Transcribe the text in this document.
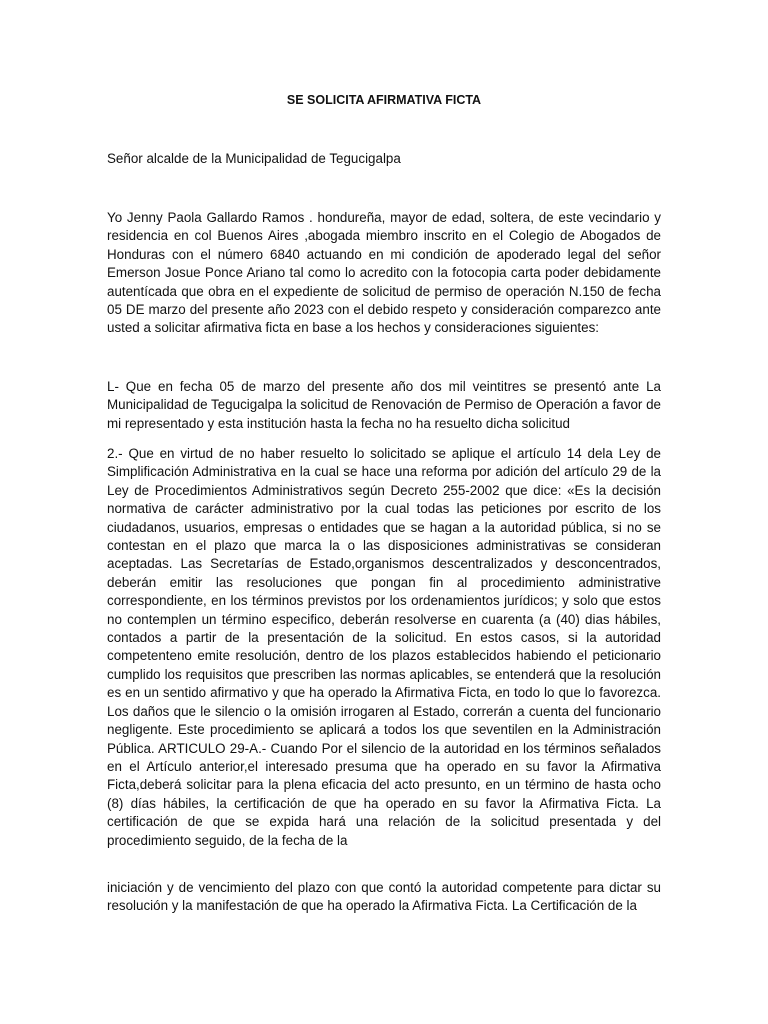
SE SOLICITA AFIRMATIVA FICTA
Señor alcalde de la Municipalidad de Tegucigalpa

Yo Jenny Paola Gallardo Ramos . hondureña, mayor de edad, soltera, de este vecindario y residencia en col Buenos Aires ,abogada miembro inscrito en el Colegio de Abogados de Honduras con el número 6840 actuando en mi condición de apoderado legal del señor Emerson Josue Ponce Ariano tal como lo acredito con la fotocopia carta poder debidamente autentícada que obra en el expediente de solicitud de permiso de operación N.150 de fecha 05 DE marzo del presente año 2023 con el debido respeto y consideración comparezco ante usted a solicitar afirmativa ficta en base a los hechos y consideraciones siguientes:

L- Que en fecha 05 de marzo del presente año dos mil veintitres se presentó ante La Municipalidad de Tegucigalpa la solicitud de Renovación de Permiso de Operación a favor de mi representado y esta institución hasta la fecha no ha resuelto dicha solicitud

2.- Que en virtud de no haber resuelto lo solicitado se aplique el artículo 14 dela Ley de Simplificación Administrativa en la cual se hace una reforma por adición del artículo 29 de la Ley de Procedimientos Administrativos según Decreto 255-2002 que dice: «Es la decisión normativa de carácter administrativo por la cual todas las peticiones por escrito de los ciudadanos, usuarios, empresas o entidades que se hagan a la autoridad pública, si no se contestan en el plazo que marca la o las disposiciones administrativas se consideran aceptadas. Las Secretarías de Estado,organismos descentralizados y desconcentrados, deberán emitir las resoluciones que pongan fin al procedimiento administrative correspondiente, en los términos previstos por los ordenamientos jurídicos; y solo que estos no contemplen un término especifico, deberán resolverse en cuarenta (a (40) dias hábiles, contados a partir de la presentación de la solicitud. En estos casos, si la autoridad competenteno emite resolución, dentro de los plazos establecidos habiendo el peticionario cumplido los requisitos que prescriben las normas aplicables, se entenderá que la resolución es en un sentido afirmativo y que ha operado la Afirmativa Ficta, en todo lo que lo favorezca. Los daños que le silencio o la omisión irrogaren al Estado, correrán a cuenta del funcionario negligente. Este procedimiento se aplicará a todos los que seventilen en la Administración Pública. ARTICULO 29-A.- Cuando Por el silencio de la autoridad en los términos señalados en el Artículo anterior,el interesado presuma que ha operado en su favor la Afirmativa Ficta,deberá solicitar para la plena eficacia del acto presunto, en un término de hasta ocho (8) días hábiles, la certificación de que ha operado en su favor la Afirmativa Ficta. La certificación de que se expida hará una relación de la solicitud presentada y del procedimiento seguido, de la fecha de la

iniciación y de vencimiento del plazo con que contó la autoridad competente para dictar su resolución y la manifestación de que ha operado la Afirmativa Ficta. La Certificación de la
